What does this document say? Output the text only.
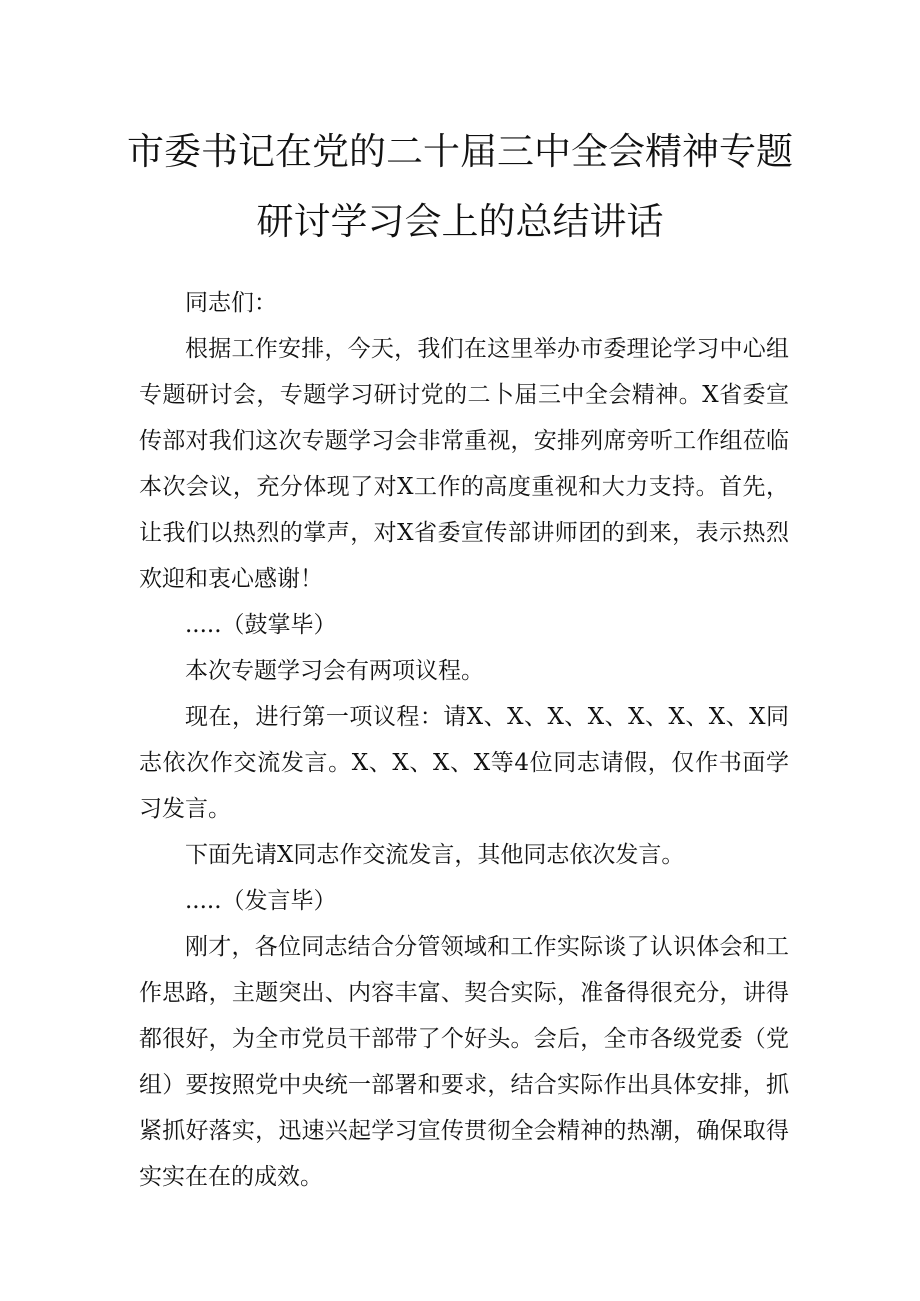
市委书记在党的二十届三中全会精神专题
研讨学习会上的总结讲话

同志们：

根据工作安排，今天，我们在这里举办市委理论学习中心组专题研讨会，专题学习研讨党的二卜届三中全会精神。X省委宣传部对我们这次专题学习会非常重视，安排列席旁听工作组莅临本次会议，充分体现了对X工作的高度重视和大力支持。首先，让我们以热烈的掌声，对X省委宣传部讲师团的到来，表示热烈欢迎和衷心感谢！

.....（鼓掌毕）

本次专题学习会有两项议程。

现在，进行第一项议程：请X、X、X、X、X、X、X、X同志依次作交流发言。X、X、X、X等4位同志请假，仅作书面学习发言。

下面先请X同志作交流发言，其他同志依次发言。

.....（发言毕）

刚才，各位同志结合分管领域和工作实际谈了认识体会和工作思路，主题突出、内容丰富、契合实际，准备得很充分，讲得都很好，为全市党员干部带了个好头。会后，全市各级党委（党组）要按照党中央统一部署和要求，结合实际作出具体安排，抓紧抓好落实，迅速兴起学习宣传贯彻全会精神的热潮，确保取得实实在在的成效。
